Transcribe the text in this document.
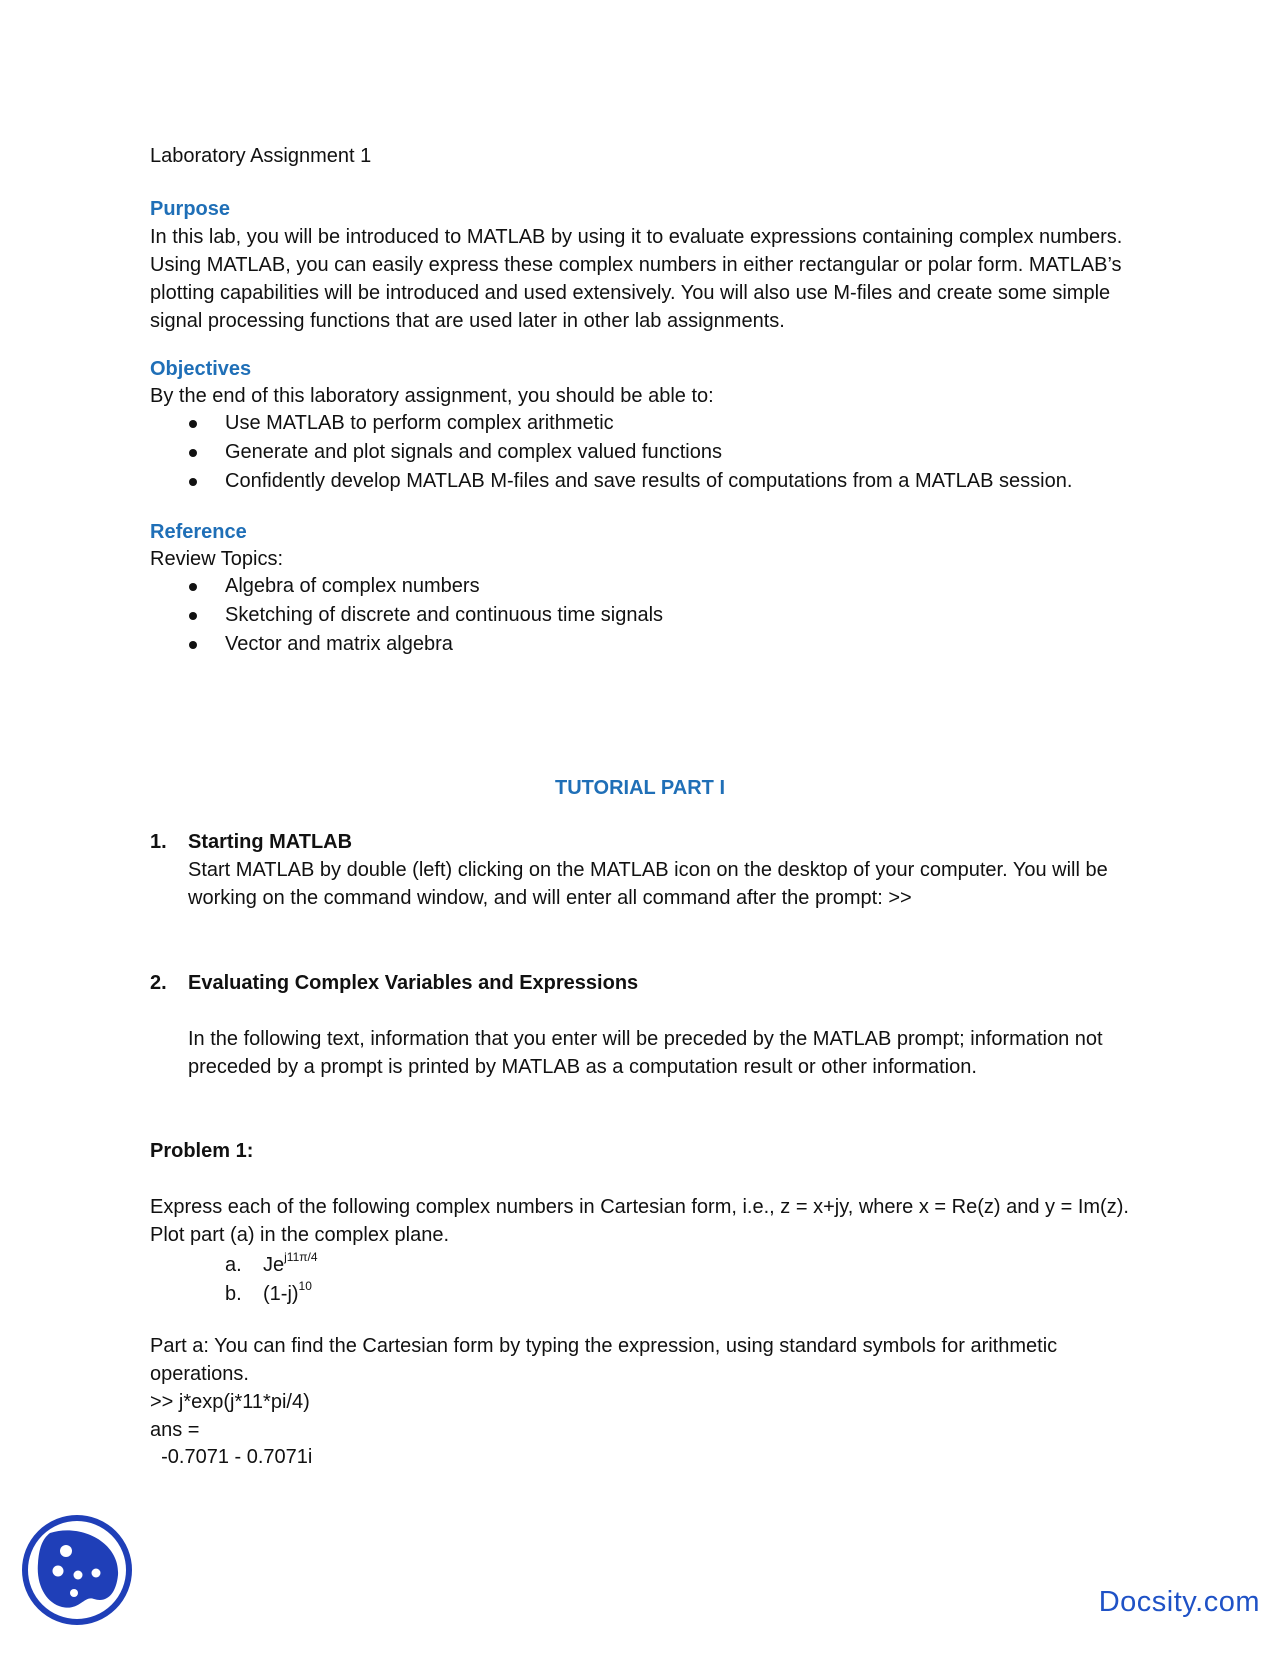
Laboratory Assignment 1
Purpose

In this lab, you will be introduced to MATLAB by using it to evaluate expressions containing complex numbers. Using MATLAB, you can easily express these complex numbers in either rectangular or polar form. MATLAB’s plotting capabilities will be introduced and used extensively. You will also use M-files and create some simple signal processing functions that are used later in other lab assignments.

Objectives
By the end of this laboratory assignment, you should be able to:
Use MATLAB to perform complex arithmetic
Generate and plot signals and complex valued functions
Confidently develop MATLAB M-files and save results of computations from a MATLAB session.
Reference
Review Topics:
Algebra of complex numbers
Sketching of discrete and continuous time signals
Vector and matrix algebra
TUTORIAL PART I
1. Starting MATLAB

Start MATLAB by double (left) clicking on the MATLAB icon on the desktop of your computer. You will be working on the command window, and will enter all command after the prompt: >>

2. Evaluating Complex Variables and Expressions

In the following text, information that you enter will be preceded by the MATLAB prompt; information not preceded by a prompt is printed by MATLAB as a computation result or other information.

Problem 1:

Express each of the following complex numbers in Cartesian form, i.e., z = x+jy, where x = Re(z) and y = Im(z). Plot part (a) in the complex plane.

a. $Je^{j11\pi/4}$
b. $(1-j)^{10}$

Part a: You can find the Cartesian form by typing the expression, using standard symbols for arithmetic operations.

>> j*exp(j*11*pi/4)
ans =
-0.7071 - 0.7071i
Docsity.com
